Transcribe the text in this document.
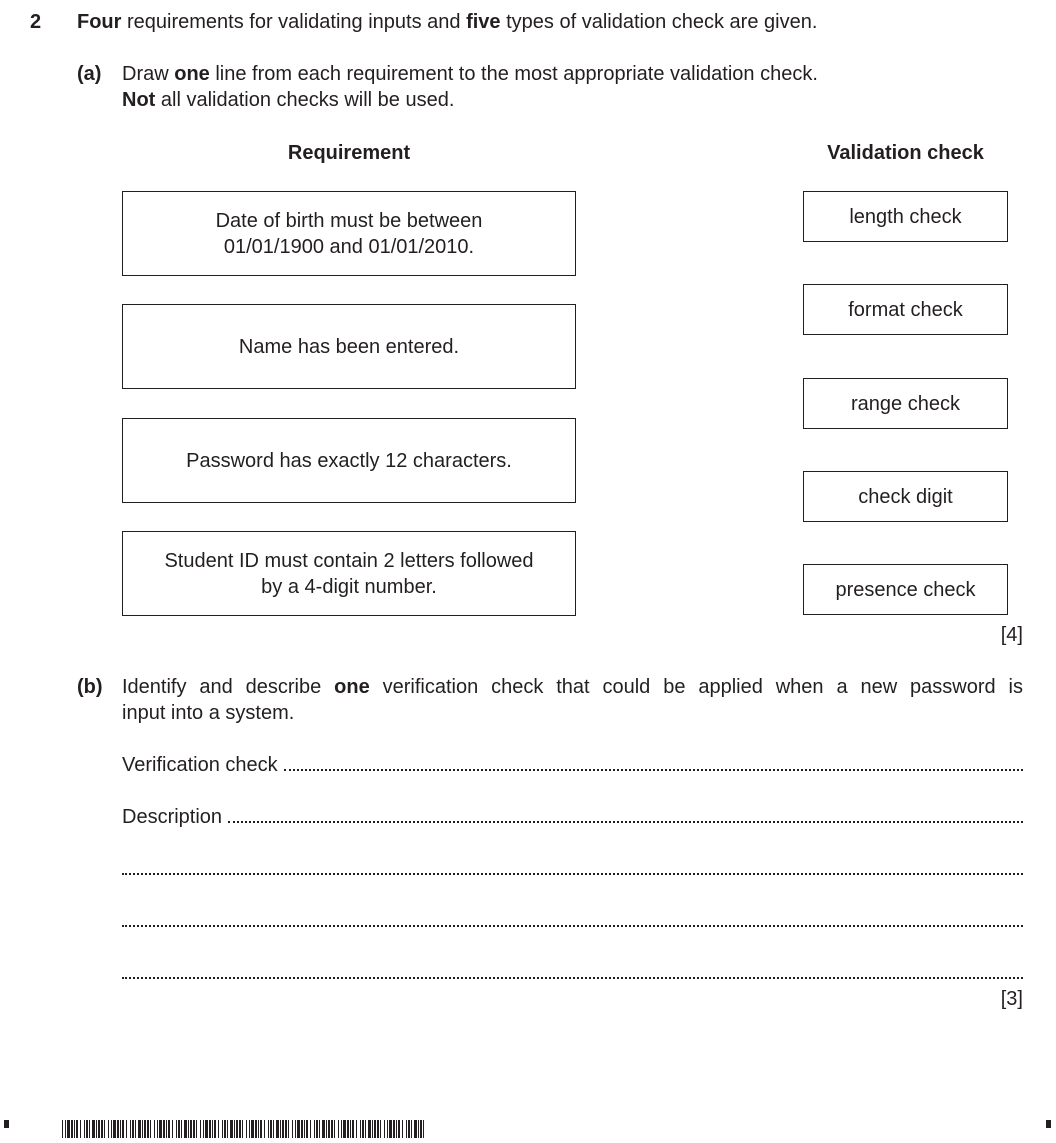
2 Four requirements for validating inputs and five types of validation check are given.
(a) Draw one line from each requirement to the most appropriate validation check.
Not all validation checks will be used.
Requirement	Validation check
Date of birth must be between
01/01/1900 and 01/01/2010.
Name has been entered.
Password has exactly 12 characters.
Student ID must contain 2 letters followed
by a 4-digit number.
length check
format check
range check
check digit
presence check
[4]
(b) Identify and describe one verification check that could be applied when a new password is
input into a system.
Verification check
Description
[3]
